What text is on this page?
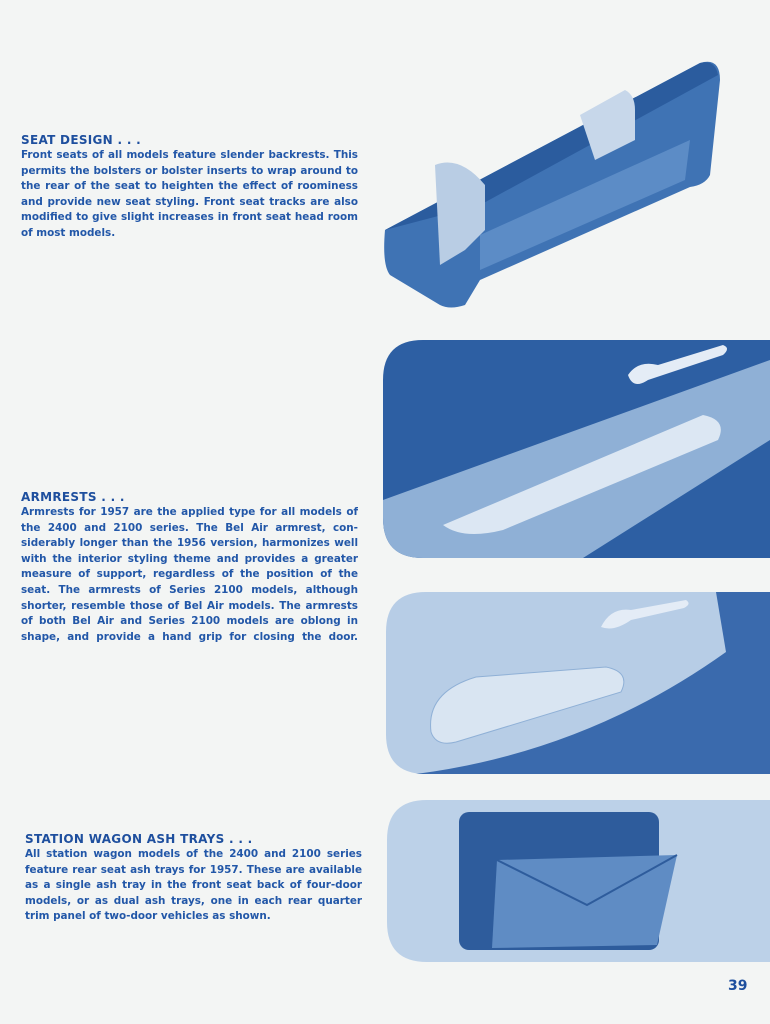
SEAT DESIGN . . .
Front seats of all models feature slender backrests. This
permits the bolsters or bolster inserts to wrap around to
the rear of the seat to heighten the effect of roominess
and provide new seat styling. Front seat tracks are also
modified to give slight increases in front seat head room
of most models.
ARMRESTS . . .
Armrests for 1957 are the applied type for all models of
the 2400 and 2100 series. The Bel Air armrest, con-
siderably longer than the 1956 version, harmonizes well
with the interior styling theme and provides a greater
measure of support, regardless of the position of the
seat. The armrests of Series 2100 models, although
shorter, resemble those of Bel Air models. The armrests
of both Bel Air and Series 2100 models are oblong in
shape, and provide a hand grip for closing the door.
STATION WAGON ASH TRAYS . . .
All station wagon models of the 2400 and 2100 series
feature rear seat ash trays for 1957. These are available
as a single ash tray in the front seat back of four-door
models, or as dual ash trays, one in each rear quarter
trim panel of two-door vehicles as shown.
39
